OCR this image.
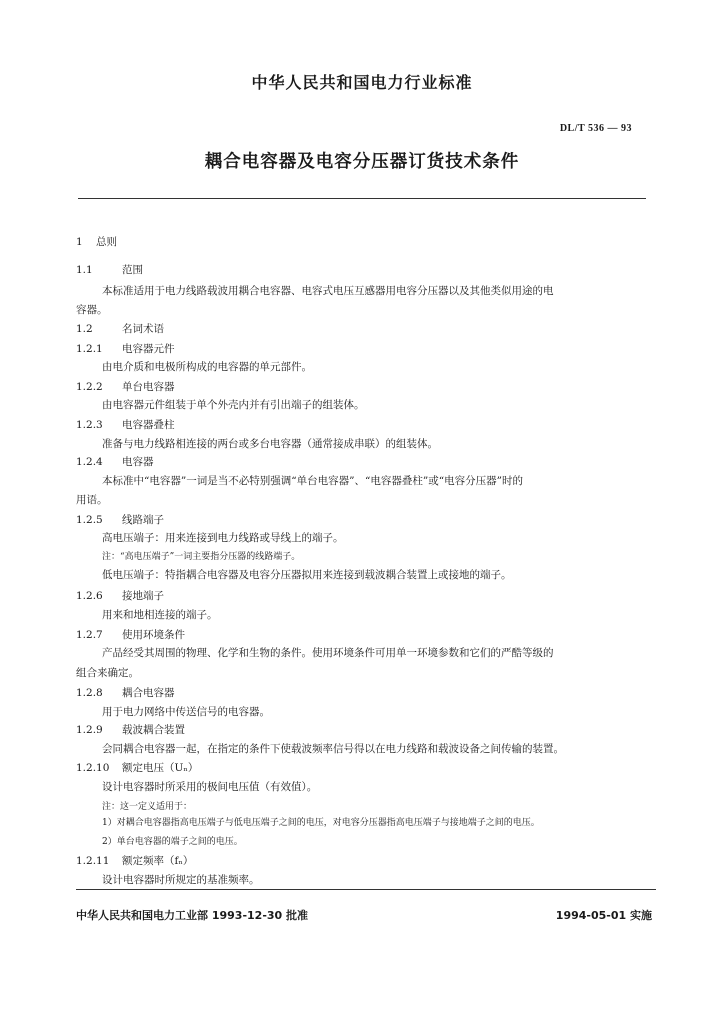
中华人民共和国电力行业标准
DL/T 536 — 93
耦合电容器及电容分压器订货技术条件
1 总则
1.1	范围
本标准适用于电力线路载波用耦合电容器、电容式电压互感器用电容分压器以及其他类似用途的电
容器。
1.2	名词术语
1.2.1 电容器元件
由电介质和电极所构成的电容器的单元部件。
1.2.2 单台电容器
由电容器元件组装于单个外壳内并有引出端子的组装体。
1.2.3 电容器叠柱
准备与电力线路相连接的两台或多台电容器（通常接成串联）的组装体。
1.2.4 电容器
本标准中“电容器”一词是当不必特别强调“单台电容器”、“电容器叠柱”或“电容分压器”时的
用语。
1.2.5 线路端子
高电压端子：用来连接到电力线路或导线上的端子。
注：“高电压端子”一词主要指分压器的线路端子。
低电压端子：特指耦合电容器及电容分压器拟用来连接到载波耦合装置上或接地的端子。
1.2.6 接地端子
用来和地相连接的端子。
1.2.7 使用环境条件
产品经受其周围的物理、化学和生物的条件。使用环境条件可用单一环境参数和它们的严酷等级的
组合来确定。
1.2.8 耦合电容器
用于电力网络中传送信号的电容器。
1.2.9 载波耦合装置
会同耦合电容器一起，在指定的条件下使载波频率信号得以在电力线路和载波设备之间传输的装置。
1.2.10 额定电压（Uₙ）
设计电容器时所采用的极间电压值（有效值）。
注：这一定义适用于：
1）对耦合电容器指高电压端子与低电压端子之间的电压，对电容分压器指高电压端子与接地端子之间的电压。
2）单台电容器的端子之间的电压。
1.2.11 额定频率（fₙ）
设计电容器时所规定的基准频率。
中华人民共和国电力工业部 1993-12-30 批准	1994-05-01 实施
